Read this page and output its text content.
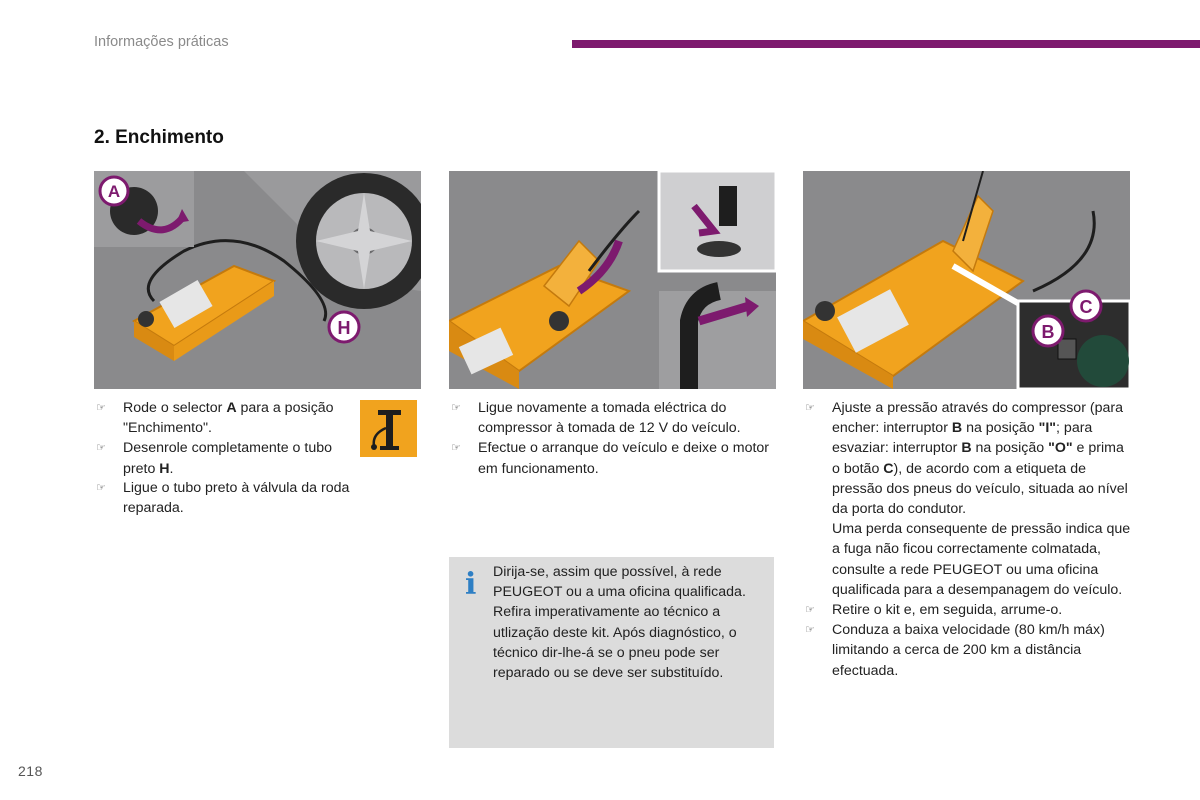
Informações práticas
2. Enchimento
A
H
C
B
☞ Rode o selector A para a posição "Enchimento".
☞ Desenrole completamente o tubo preto H.
☞ Ligue o tubo preto à válvula da roda reparada.
☞ Ligue novamente a tomada eléctrica do compressor à tomada de 12 V do veículo.
☞ Efectue o arranque do veículo e deixe o motor em funcionamento.
i Dirija-se, assim que possível, à rede PEUGEOT ou a uma oficina qualificada. Refira imperativamente ao técnico a utlização deste kit. Após diagnóstico, o técnico dir-lhe-á se o pneu pode ser reparado ou se deve ser substituído.
☞ Ajuste a pressão através do compressor (para encher: interruptor B na posição "I"; para esvaziar: interruptor B na posição "O" e prima o botão C), de acordo com a etiqueta de pressão dos pneus do veículo, situada ao nível da porta do condutor.
Uma perda consequente de pressão indica que a fuga não ficou correctamente colmatada, consulte a rede PEUGEOT ou uma oficina qualificada para a desempanagem do veículo.
☞ Retire o kit e, em seguida, arrume-o.
☞ Conduza a baixa velocidade (80 km/h máx) limitando a cerca de 200 km a distância efectuada.
218
